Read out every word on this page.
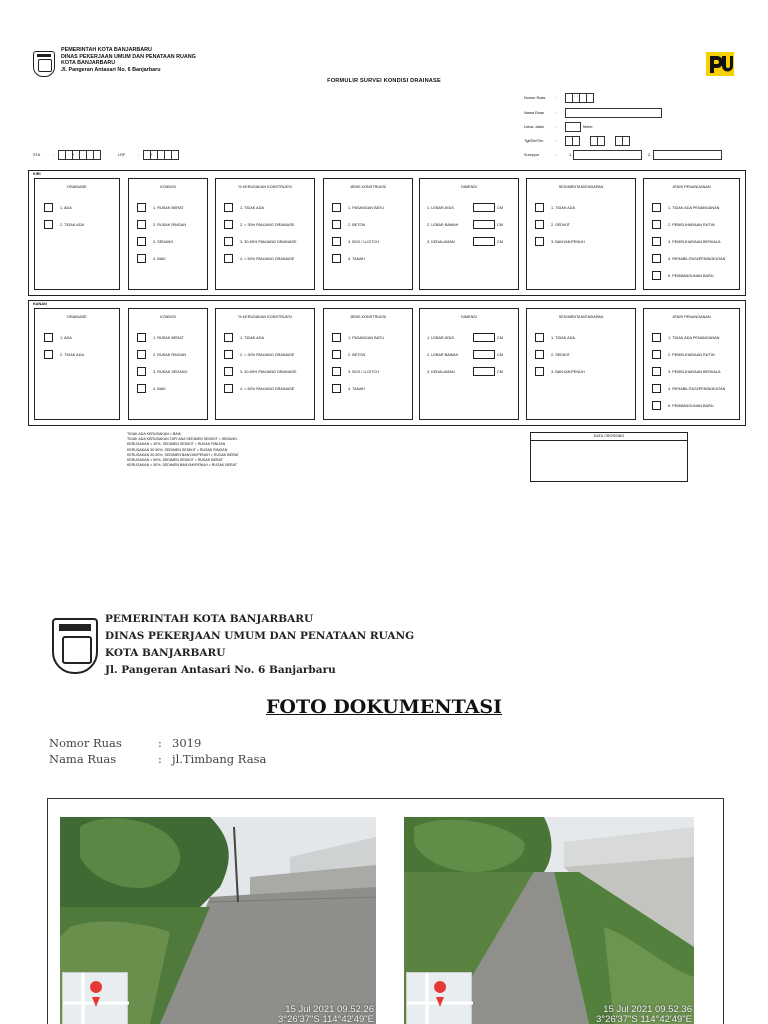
PEMERINTAH KOTA BANJARBARU
DINAS PEKERJAAN UMUM DAN PENATAAN RUANG
KOTA BANJARBARU
Jl. Pangeran Antasari No. 6 Banjarbaru
FORMULIR SURVEI KONDISI DRAINASE
Nomor Ruas	:
Nama Ruas	:
Lebar Jalan	:	Meter
Tgl/Bln/Thn	:
Surveyor	:	1.	2.
STA	:	+	LRF	:	+
KIRI
DRAINASE
1. ADA
2. TIDAK ADA
KONDISI
1. RUSAK BERAT
2. RUSAK RINGAN
3. SEDANG
4. BAIK
% KERUSAKAN KONSTRUKSI
1. TIDAK ADA
2. < 30% PANJANG DRAINASE
3. 30-50% PANJANG DRAINASE
4. > 50% PANJANG DRAINASE
JENIS KONSTRUKSI
1. PASANGAN BATU
2. BETON
3. BOX / U-DITCH
4. TANAH
DIMENSI
1. LEBAR ATAS	CM
2. LEBAR BAWAH	CM
3. KEDALAMAN	CM
SEDIMENTASI/ENDAPAN
1. TIDAK ADA
2. SEDIKIT
3. BANYAK/PENUH
JENIS PENANGANAN
1. TIDAK ADA PENANGANAN
2. PEMELIHARAAN RUTIN
3. PEMELIHARAAN BERKALA
4. REHABILITASI/PENINGKATAN
5. PEMBANGUNAN BARU
KANAN
DRAINASE
1. ADA
2. TIDAK ADA
KONDISI
1. RUSAK BERAT
2. RUSAK RINGAN
3. RUSAK SEDANG
4. BAIK
% KERUSAKAN KONSTRUKSI
1. TIDAK ADA
2. < 30% PANJANG DRAINASE
3. 30-50% PANJANG DRAINASE
4. > 50% PANJANG DRAINASE
JENIS KONSTRUKSI
1. PASANGAN BATU
2. BETON
3. BOX / U-DITCH
4. TANAH
DIMENSI
1. LEBAR ATAS	CM
2. LEBAR BAWAH	CM
3. KEDALAMAN	CM
SEDIMENTASI/ENDAPAN
1. TIDAK ADA
2. SEDIKIT
3. BANYAK/PENUH
JENIS PENANGANAN
1. TIDAK ADA PENANGANAN
2. PEMELIHARAAN RUTIN
3. PEMELIHARAAN BERKALA
4. REHABILITASI/PENINGKATAN
5. PEMBANGUNAN BARU
TIDAK ADA KERUSAKAN = BAIK
TIDAK ADA KERUSAKAN TAPI ADA SEDIMEN SEDIKIT = SEDANG
KERUSAKAN < 30%, SEDIMEN SEDIKIT = RUSAK RINGAN
KERUSAKAN 30-50%, SEDIMEN SEDIKIT = RUSAK RINGAN
KERUSAKAN 30-50%, SEDIMEN BANYAK/PENUH = RUSAK BERAT
KERUSAKAN > 50%, SEDIMEN SEDIKIT = RUSAK BERAT
KERUSAKAN > 50%, SEDIMEN BANYAK/PENUH = RUSAK BERAT
DATA CROSSING
PEMERINTAH KOTA BANJARBARU
DINAS PEKERJAAN UMUM DAN PENATAAN RUANG
KOTA BANJARBARU
Jl. Pangeran Antasari No. 6 Banjarbaru
FOTO DOKUMENTASI
Nomor Ruas	: 3019
Nama Ruas	: jl.Timbang Rasa
15 Jul 2021 09.52.26
3°26'37"S 114°42'49"E
15 Jul 2021 09.52.36
3°26'37"S 114°42'49"E
